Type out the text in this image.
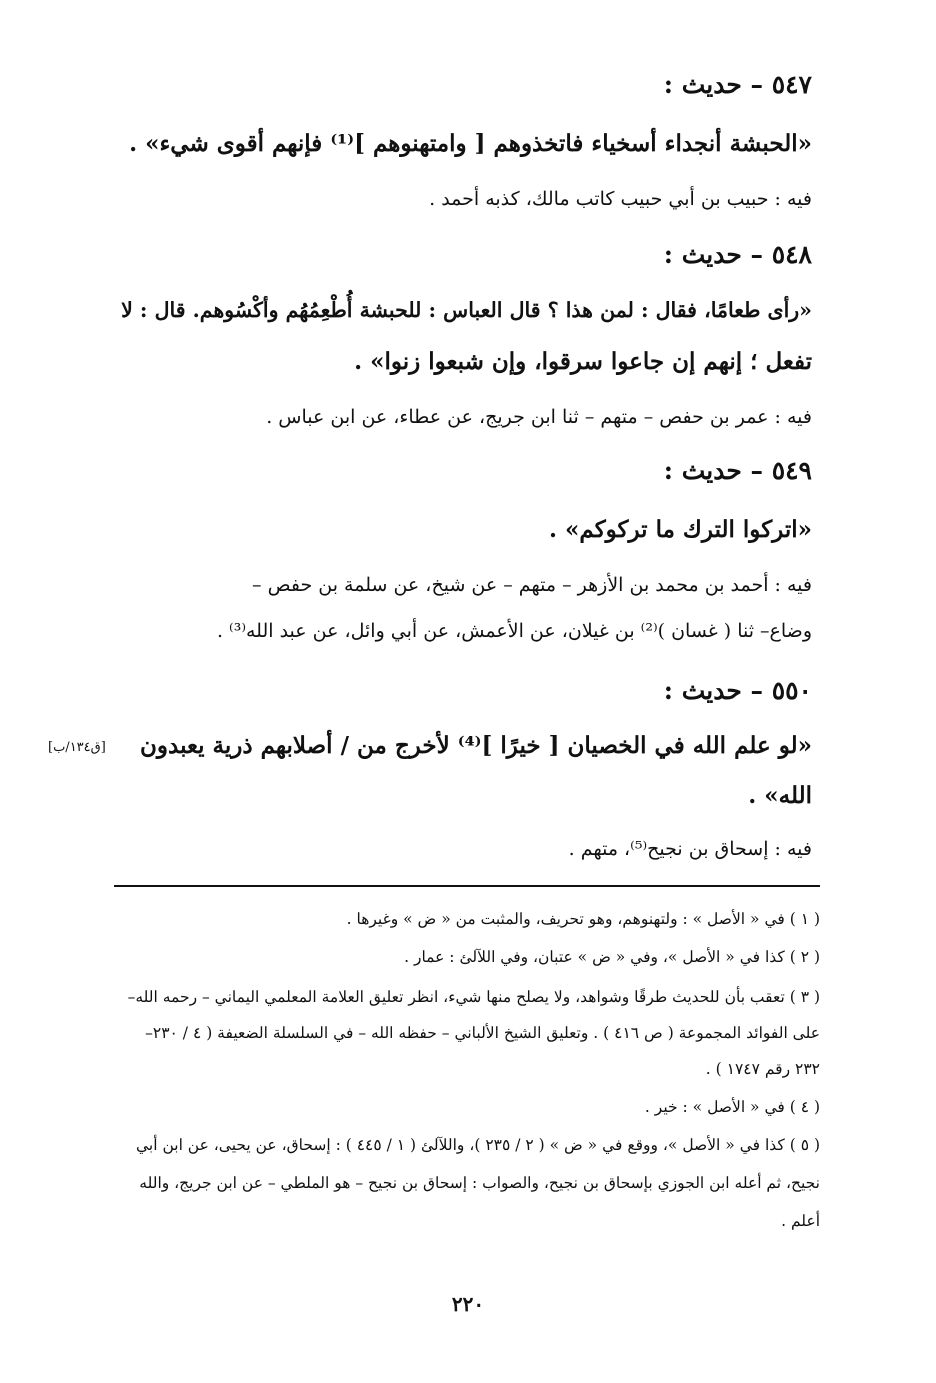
٥٤٧ – حديث :
«الحبشة أنجداء أسخياء فاتخذوهم [ وامتهنوهم ]⁽¹⁾ فإنهم أقوى شيء» .
فيه : حبيب بن أبي حبيب كاتب مالك، كذبه أحمد .
٥٤٨ – حديث :
«رأى طعامًا، فقال : لمن هذا ؟ قال العباس : للحبشة أُطْعِمُهُم وأكْسُوهم. قال : لا
تفعل ؛ إنهم إن جاعوا سرقوا، وإن شبعوا زنوا» .
فيه : عمر بن حفص – متهم – ثنا ابن جريج، عن عطاء، عن ابن عباس .
٥٤٩ – حديث :
«اتركوا الترك ما تركوكم» .
فيه : أحمد بن محمد بن الأزهر – متهم – عن شيخ، عن سلمة بن حفص –
وضاع– ثنا ( غسان )⁽²⁾ بن غيلان، عن الأعمش، عن أبي وائل، عن عبد الله⁽³⁾ .
٥٥٠ – حديث :
«لو علم الله في الخصيان [ خيرًا ]⁽⁴⁾ لأخرج من / أصلابهم ذرية يعبدون
الله» .
فيه : إسحاق بن نجيح⁽⁵⁾، متهم .
[ق١٣٤/ب]
( ١ ) في « الأصل » : ولتهنوهم، وهو تحريف، والمثبت من « ض » وغيرها .
( ٢ ) كذا في « الأصل »، وفي « ض » عتبان، وفي اللآلئ : عمار .
( ٣ ) تعقب بأن للحديث طرقًا وشواهد، ولا يصلح منها شيء، انظر تعليق العلامة المعلمي اليماني – رحمه الله–
على الفوائد المجموعة ( ص ٤١٦ ) . وتعليق الشيخ الألباني – حفظه الله – في السلسلة الضعيفة ( ٤ / ٢٣٠–
٢٣٢ رقم ١٧٤٧ ) .
( ٤ ) في « الأصل » : خير .
( ٥ ) كذا في « الأصل »، ووقع في « ض » ( ٢ / ٢٣٥ )، واللآلئ ( ١ / ٤٤٥ ) : إسحاق، عن يحيى، عن ابن أبي
نجيح، ثم أعله ابن الجوزي بإسحاق بن نجيح، والصواب : إسحاق بن نجيح – هو الملطي – عن ابن جريج، والله
أعلم .
٢٢٠
